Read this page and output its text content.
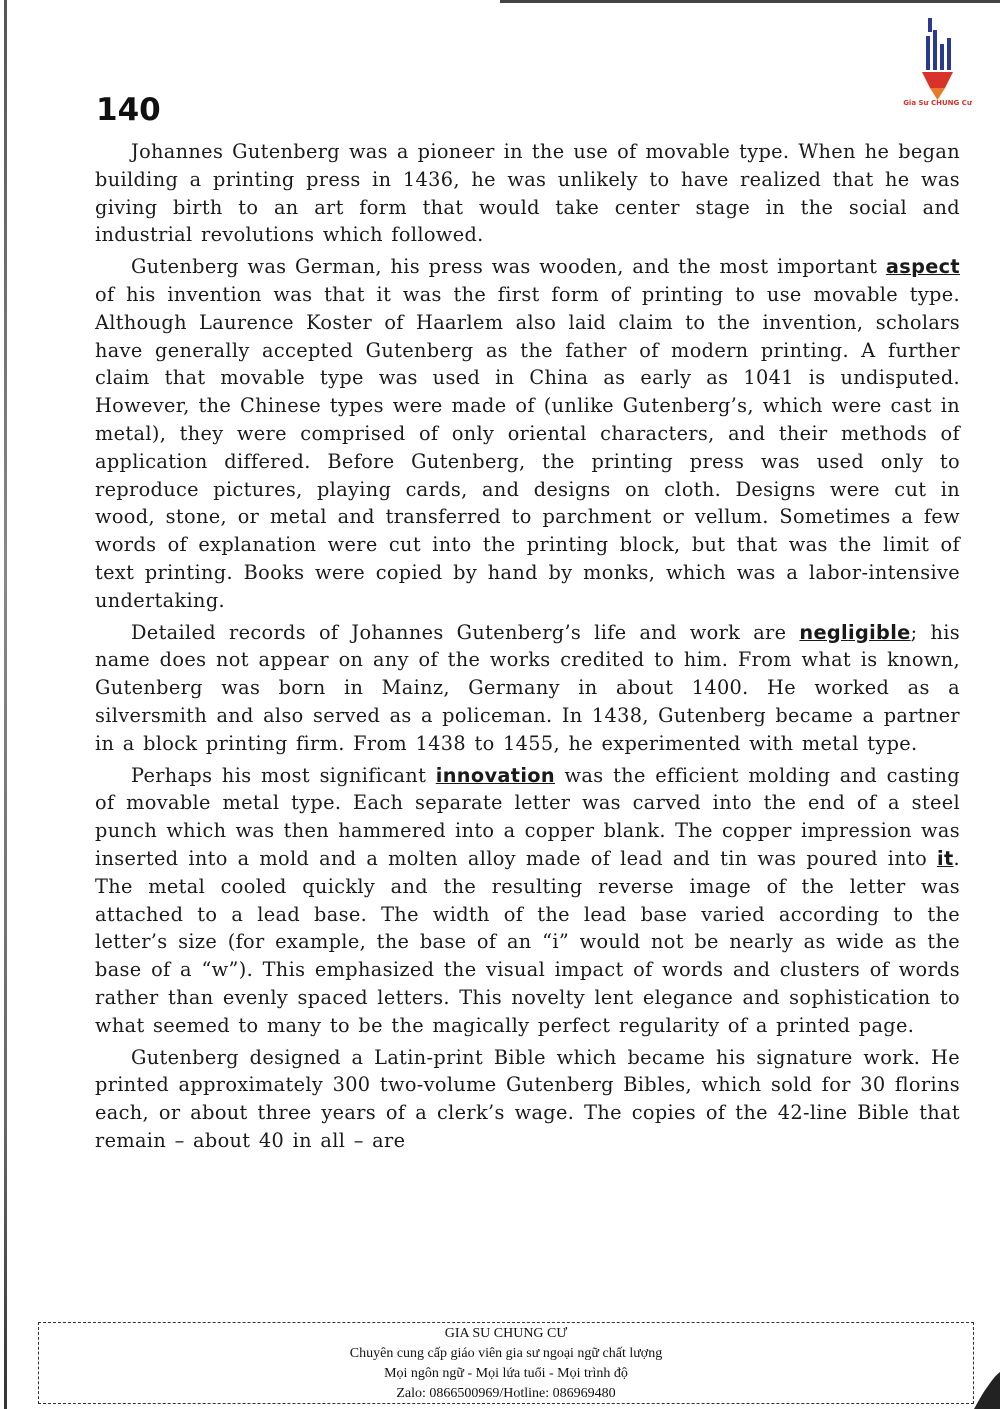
Gia Sư CHUNG Cư
140

Johannes Gutenberg was a pioneer in the use of movable type. When he began building a printing press in 1436, he was unlikely to have realized that he was giving birth to an art form that would take center stage in the social and industrial revolutions which followed.

Gutenberg was German, his press was wooden, and the most important aspect of his invention was that it was the first form of printing to use movable type. Although Laurence Koster of Haarlem also laid claim to the invention, scholars have generally accepted Gutenberg as the father of modern printing. A further claim that movable type was used in China as early as 1041 is undisputed. However, the Chinese types were made of (unlike Gutenberg’s, which were cast in metal), they were comprised of only oriental characters, and their methods of application differed. Before Gutenberg, the printing press was used only to reproduce pictures, playing cards, and designs on cloth. Designs were cut in wood, stone, or metal and transferred to parchment or vellum. Sometimes a few words of explanation were cut into the printing block, but that was the limit of text printing. Books were copied by hand by monks, which was a labor-intensive undertaking.

Detailed records of Johannes Gutenberg’s life and work are negligible; his name does not appear on any of the works credited to him. From what is known, Gutenberg was born in Mainz, Germany in about 1400. He worked as a silversmith and also served as a policeman. In 1438, Gutenberg became a partner in a block printing firm. From 1438 to 1455, he experimented with metal type.

Perhaps his most significant innovation was the efficient molding and casting of movable metal type. Each separate letter was carved into the end of a steel punch which was then hammered into a copper blank. The copper impression was inserted into a mold and a molten alloy made of lead and tin was poured into it. The metal cooled quickly and the resulting reverse image of the letter was attached to a lead base. The width of the lead base varied according to the letter’s size (for example, the base of an “i” would not be nearly as wide as the base of a “w”). This emphasized the visual impact of words and clusters of words rather than evenly spaced letters. This novelty lent elegance and sophistication to what seemed to many to be the magically perfect regularity of a printed page.

Gutenberg designed a Latin-print Bible which became his signature work. He printed approximately 300 two-volume Gutenberg Bibles, which sold for 30 florins each, or about three years of a clerk’s wage. The copies of the 42-line Bible that remain – about 40 in all – are

GIA SU CHUNG CƯ
Chuyên cung cấp giáo viên gia sư ngoại ngữ chất lượng
Mọi ngôn ngữ - Mọi lứa tuổi - Mọi trình độ
Zalo: 0866500969/Hotline: 086969480
